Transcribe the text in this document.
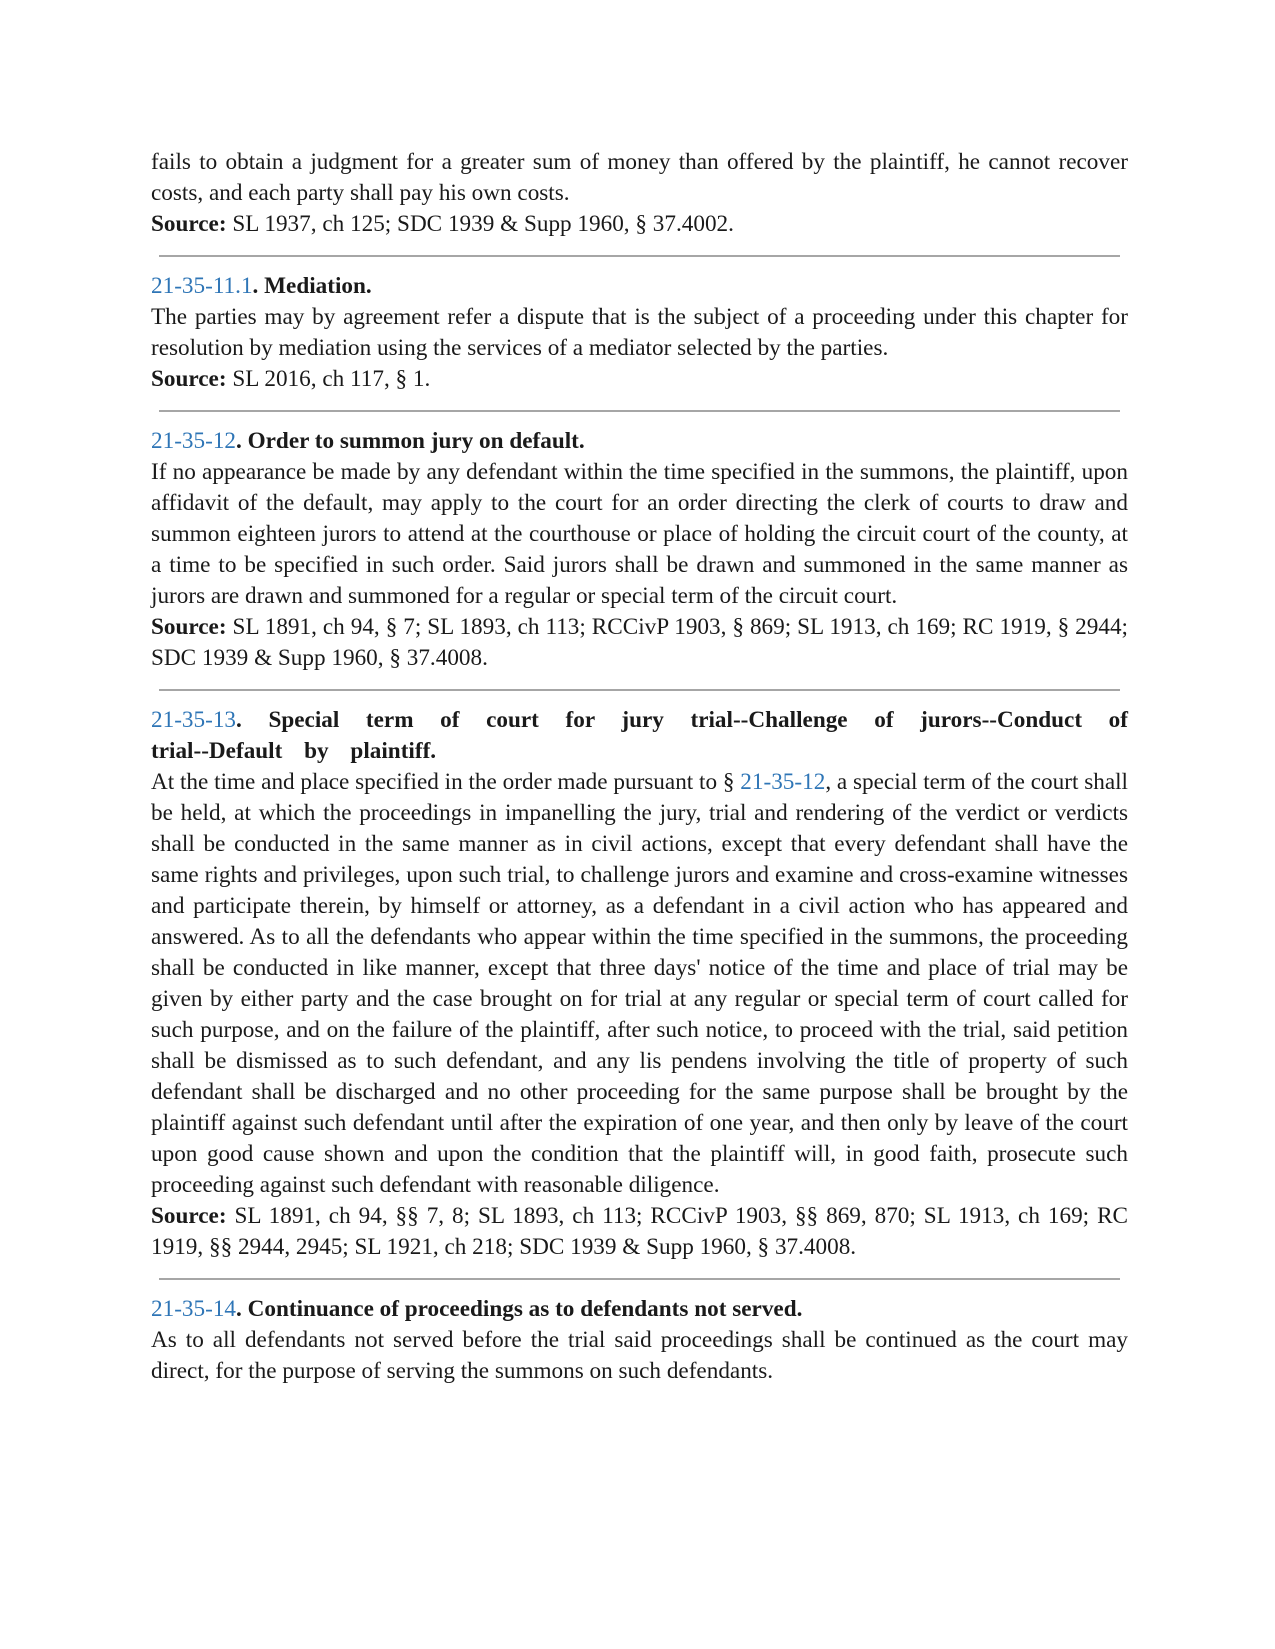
fails to obtain a judgment for a greater sum of money than offered by the plaintiff, he cannot recover costs, and each party shall pay his own costs.

Source: SL 1937, ch 125; SDC 1939 & Supp 1960, § 37.4002.

21-35-11.1. Mediation.

The parties may by agreement refer a dispute that is the subject of a proceeding under this chapter for resolution by mediation using the services of a mediator selected by the parties.

Source: SL 2016, ch 117, § 1.

21-35-12. Order to summon jury on default.

If no appearance be made by any defendant within the time specified in the summons, the plaintiff, upon affidavit of the default, may apply to the court for an order directing the clerk of courts to draw and summon eighteen jurors to attend at the courthouse or place of holding the circuit court of the county, at a time to be specified in such order. Said jurors shall be drawn and summoned in the same manner as jurors are drawn and summoned for a regular or special term of the circuit court.

Source: SL 1891, ch 94, § 7; SL 1893, ch 113; RCCivP 1903, § 869; SL 1913, ch 169; RC 1919, § 2944; SDC 1939 & Supp 1960, § 37.4008.

21-35-13. Special term of court for jury trial--Challenge of jurors--Conduct of trial--Default by plaintiff.

At the time and place specified in the order made pursuant to § 21-35-12, a special term of the court shall be held, at which the proceedings in impanelling the jury, trial and rendering of the verdict or verdicts shall be conducted in the same manner as in civil actions, except that every defendant shall have the same rights and privileges, upon such trial, to challenge jurors and examine and cross-examine witnesses and participate therein, by himself or attorney, as a defendant in a civil action who has appeared and answered. As to all the defendants who appear within the time specified in the summons, the proceeding shall be conducted in like manner, except that three days' notice of the time and place of trial may be given by either party and the case brought on for trial at any regular or special term of court called for such purpose, and on the failure of the plaintiff, after such notice, to proceed with the trial, said petition shall be dismissed as to such defendant, and any lis pendens involving the title of property of such defendant shall be discharged and no other proceeding for the same purpose shall be brought by the plaintiff against such defendant until after the expiration of one year, and then only by leave of the court upon good cause shown and upon the condition that the plaintiff will, in good faith, prosecute such proceeding against such defendant with reasonable diligence.

Source: SL 1891, ch 94, §§ 7, 8; SL 1893, ch 113; RCCivP 1903, §§ 869, 870; SL 1913, ch 169; RC 1919, §§ 2944, 2945; SL 1921, ch 218; SDC 1939 & Supp 1960, § 37.4008.

21-35-14. Continuance of proceedings as to defendants not served.

As to all defendants not served before the trial said proceedings shall be continued as the court may direct, for the purpose of serving the summons on such defendants.
